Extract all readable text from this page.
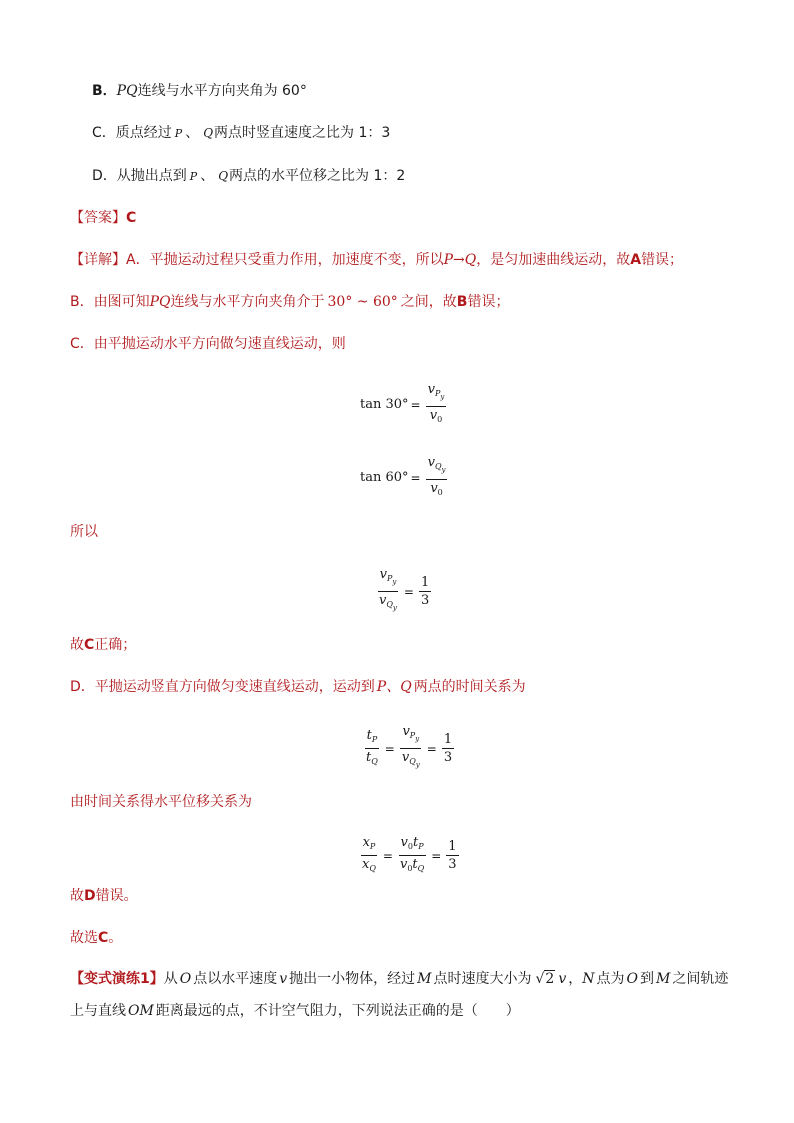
B．PQ连线与水平方向夹角为 60°
C．质点经过 P 、 Q两点时竖直速度之比为 1：3
D．从抛出点到 P 、 Q两点的水平位移之比为 1：2
【答案】C
【详解】A．平抛运动过程只受重力作用，加速度不变，所以P→Q，是匀加速曲线运动，故A错误；
B．由图可知PQ连线与水平方向夹角介于 30° ~ 60° 之间，故B错误；
C．由平抛运动水平方向做匀速直线运动，则
$\tan 30^\circ = \frac{v_{P_y}}{v_0}$
$\tan 60^\circ = \frac{v_{Q_y}}{v_0}$
所以
$\frac{v_{P_y}}{v_{Q_y}} = \frac{1}{3}$
故C正确；
D．平抛运动竖直方向做匀变速直线运动，运动到 P、Q 两点的时间关系为
$\frac{t_P}{t_Q} = \frac{v_{P_y}}{v_{Q_y}} = \frac{1}{3}$
由时间关系得水平位移关系为
$\frac{x_P}{x_Q} = \frac{v_0t_P}{v_0t_Q} = \frac{1}{3}$
故D错误。
故选C。
【变式演练1】从 O 点以水平速度 v 抛出一小物体，经过 M 点时速度大小为 √2 v ，N 点为 O 到 M 之间轨迹
上与直线 OM 距离最远的点，不计空气阻力，下列说法正确的是（　　）
